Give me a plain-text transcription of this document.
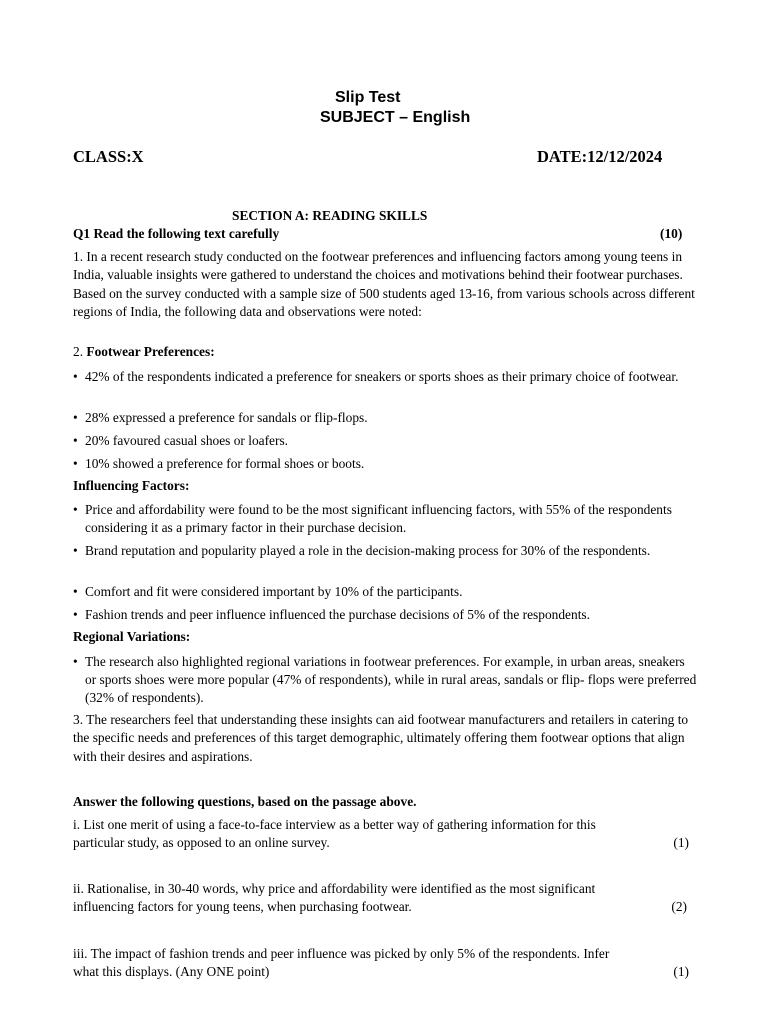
Slip Test
SUBJECT – English
CLASS:X	DATE:12/12/2024
SECTION A: READING SKILLS
Q1 Read the following text carefully	(10)

1. In a recent research study conducted on the footwear preferences and influencing factors among young teens in India, valuable insights were gathered to understand the choices and motivations behind their footwear purchases. Based on the survey conducted with a sample size of 500 students aged 13-16, from various schools across different regions of India, the following data and observations were noted:

2. Footwear Preferences:
• 42% of the respondents indicated a preference for sneakers or sports shoes as their primary choice of footwear.
• 28% expressed a preference for sandals or flip-flops.
• 20% favoured casual shoes or loafers.
• 10% showed a preference for formal shoes or boots.
Influencing Factors:
• Price and affordability were found to be the most significant influencing factors, with 55% of the respondents considering it as a primary factor in their purchase decision.
• Brand reputation and popularity played a role in the decision-making process for 30% of the respondents.
• Comfort and fit were considered important by 10% of the participants.
• Fashion trends and peer influence influenced the purchase decisions of 5% of the respondents.
Regional Variations:
• The research also highlighted regional variations in footwear preferences. For example, in urban areas, sneakers or sports shoes were more popular (47% of respondents), while in rural areas, sandals or flip- flops were preferred (32% of respondents).

3. The researchers feel that understanding these insights can aid footwear manufacturers and retailers in catering to the specific needs and preferences of this target demographic, ultimately offering them footwear options that align with their desires and aspirations.

Answer the following questions, based on the passage above.
i. List one merit of using a face-to-face interview as a better way of gathering information for this
(1)
particular study, as opposed to an online survey.
ii. Rationalise, in 30-40 words, why price and affordability were identified as the most significant
(2)
influencing factors for young teens, when purchasing footwear.
iii. The impact of fashion trends and peer influence was picked by only 5% of the respondents. Infer
(1)
what this displays. (Any ONE point)
